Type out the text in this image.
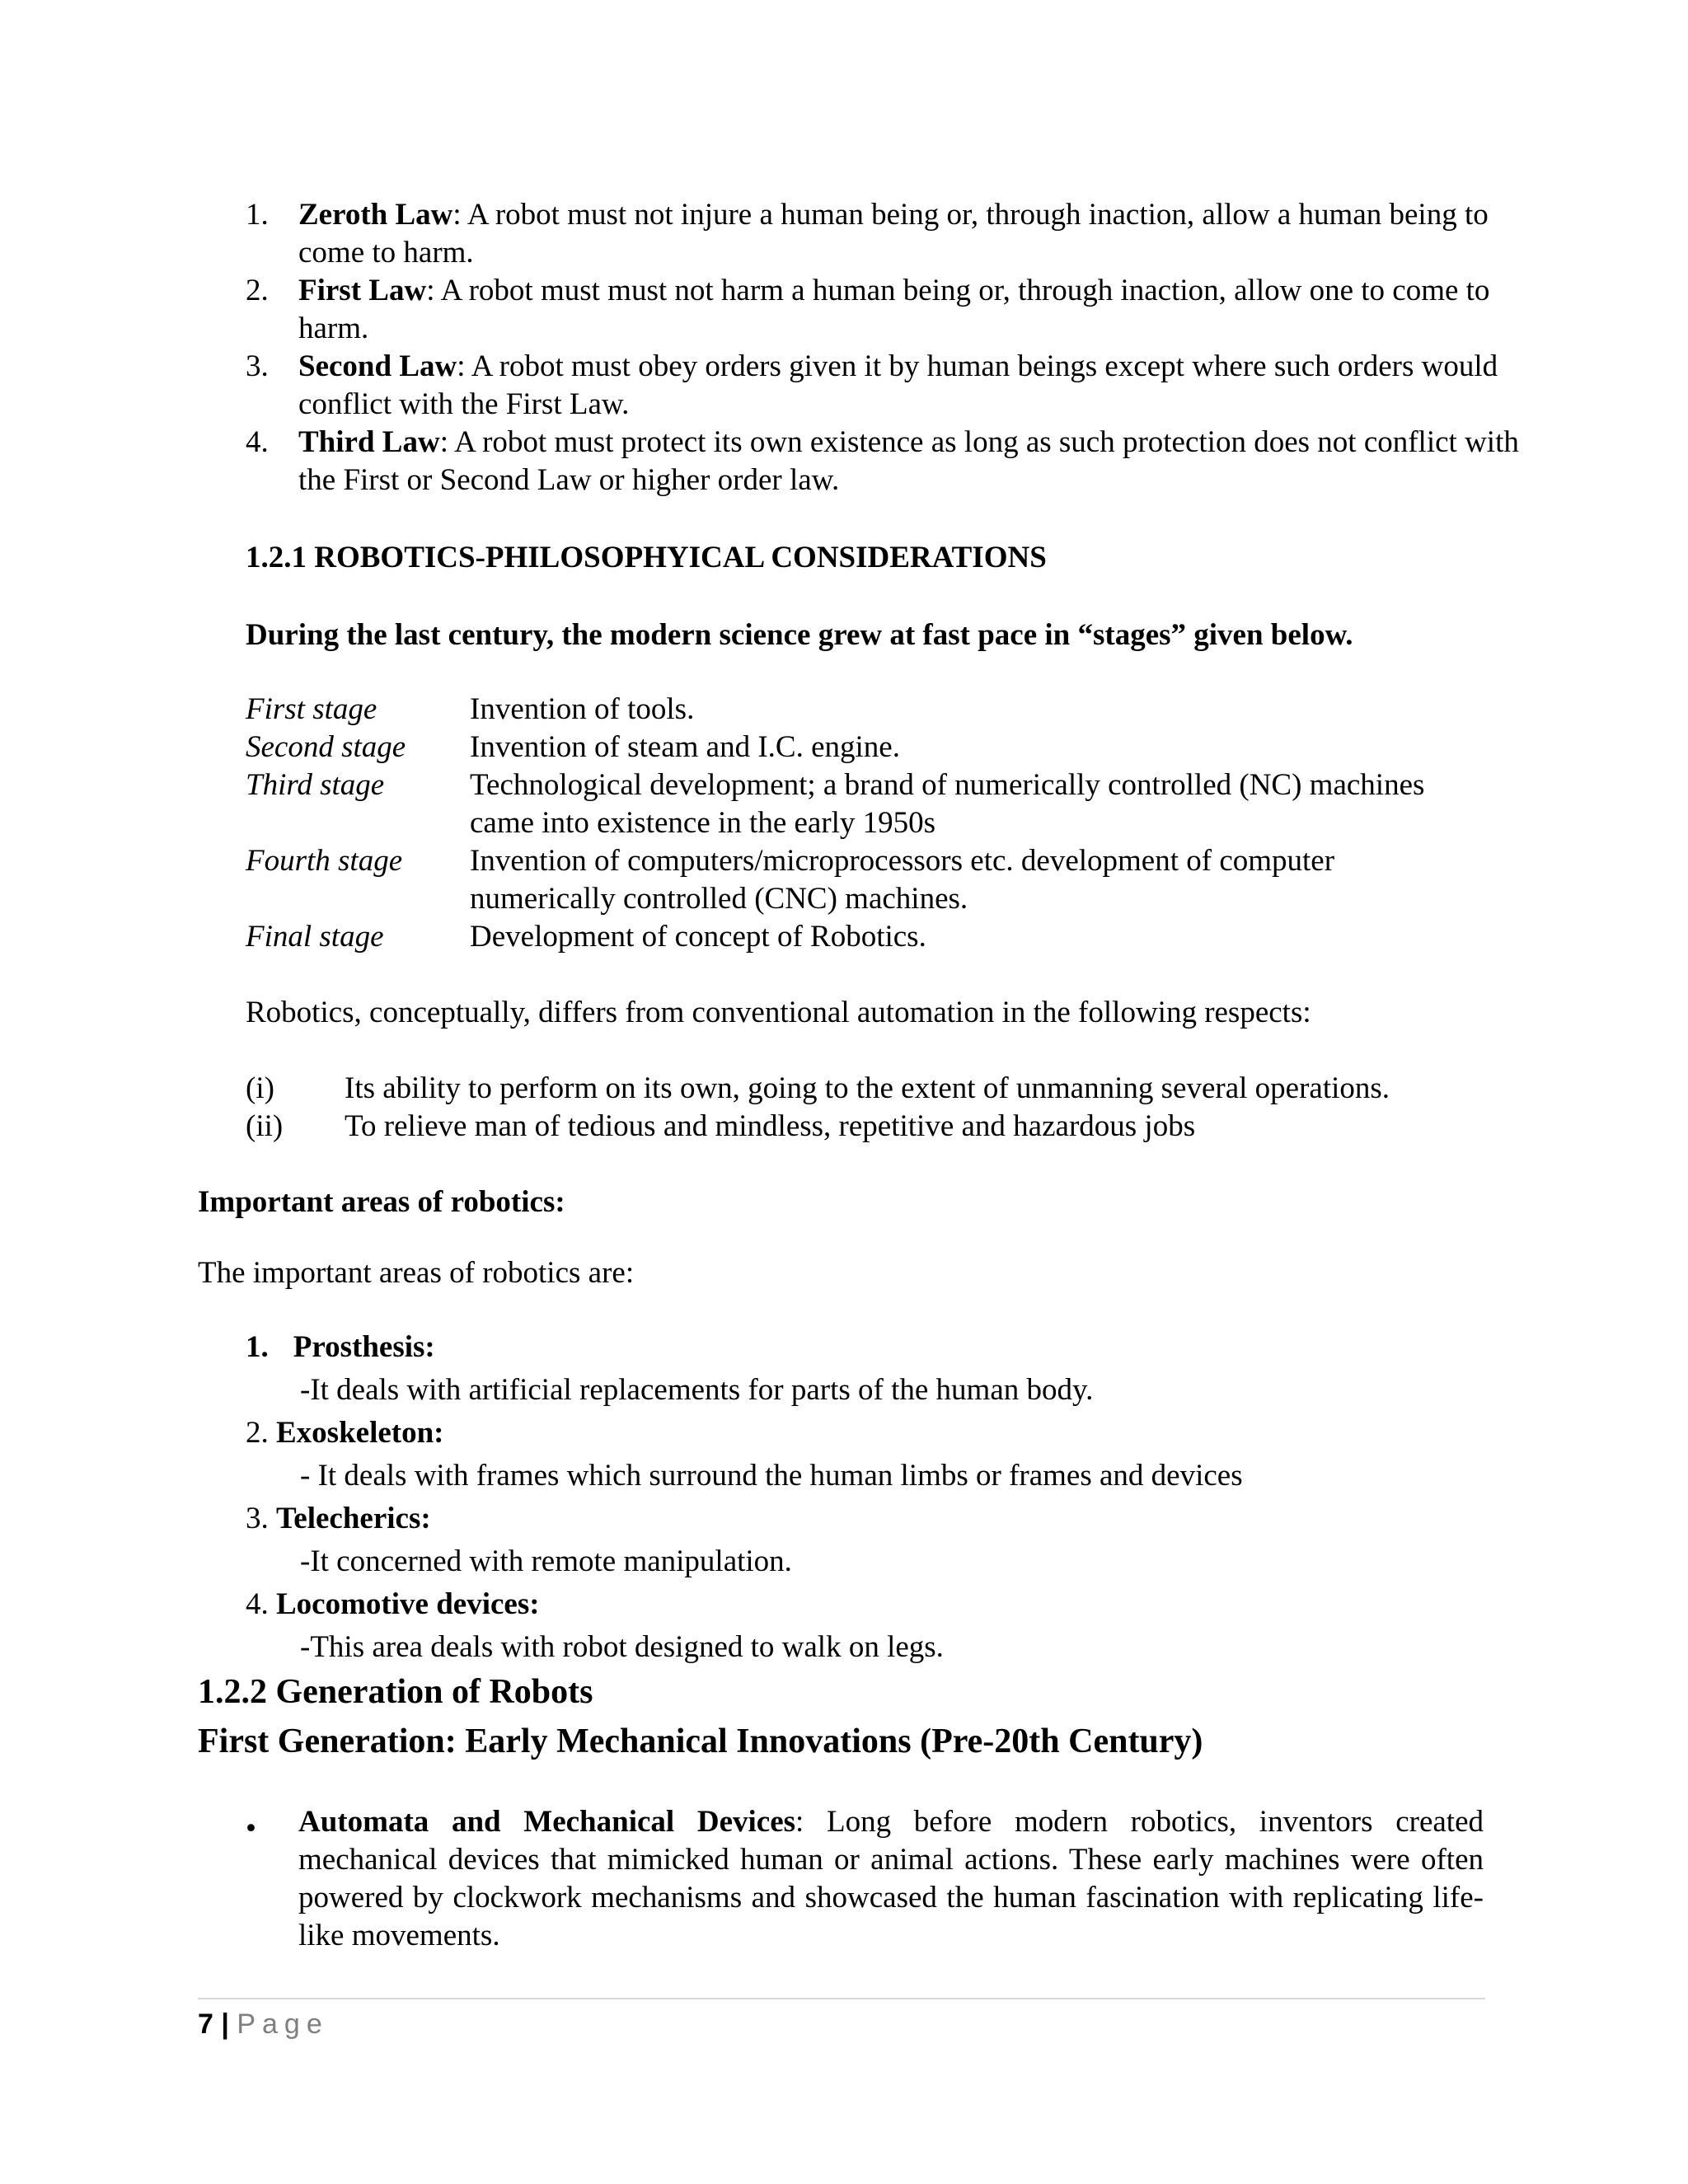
1. Zeroth Law: A robot must not injure a human being or, through inaction, allow a human being to come to harm.
2. First Law: A robot must must not harm a human being or, through inaction, allow one to come to harm.
3. Second Law: A robot must obey orders given it by human beings except where such orders would conflict with the First Law.
4. Third Law: A robot must protect its own existence as long as such protection does not conflict with the First or Second Law or higher order law.
1.2.1 ROBOTICS-PHILOSOPHYICAL CONSIDERATIONS
During the last century, the modern science grew at fast pace in “stages” given below.
First stage	Invention of tools.
Second stage Invention of steam and I.C. engine.
Third stage	Technological development; a brand of numerically controlled (NC) machines came into existence in the early 1950s
Fourth stage Invention of computers/microprocessors etc. development of computer numerically controlled (CNC) machines.
Final stage	Development of concept of Robotics.
Robotics, conceptually, differs from conventional automation in the following respects:
(i) Its ability to perform on its own, going to the extent of unmanning several operations.
(ii) To relieve man of tedious and mindless, repetitive and hazardous jobs
Important areas of robotics:
The important areas of robotics are:
1. Prosthesis:
-It deals with artificial replacements for parts of the human body.
2. Exoskeleton:
- It deals with frames which surround the human limbs or frames and devices
3. Telecherics:
-It concerned with remote manipulation.
4. Locomotive devices:
-This area deals with robot designed to walk on legs.
1.2.2 Generation of Robots
First Generation: Early Mechanical Innovations (Pre-20th Century)
• Automata and Mechanical Devices: Long before modern robotics, inventors created mechanical devices that mimicked human or animal actions. These early machines were often powered by clockwork mechanisms and showcased the human fascination with replicating life-like movements.
7 | Page
